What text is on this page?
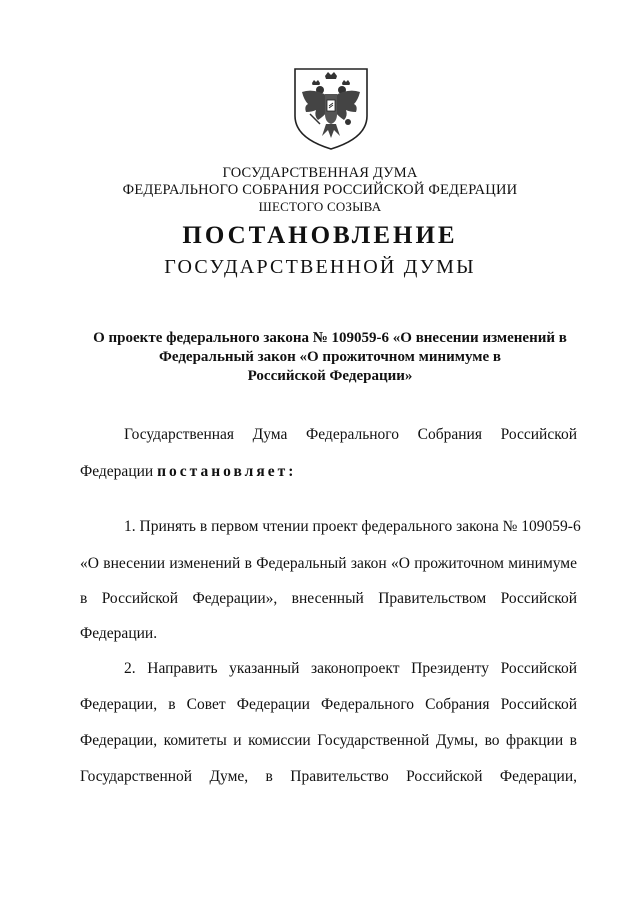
ГОСУДАРСТВЕННАЯ ДУМА
ФЕДЕРАЛЬНОГО СОБРАНИЯ РОССИЙСКОЙ ФЕДЕРАЦИИ
ШЕСТОГО СОЗЫВА
ПОСТАНОВЛЕНИЕ
ГОСУДАРСТВЕННОЙ ДУМЫ
О проекте федерального закона № 109059-6 «О внесении изменений в
Федеральный закон «О прожиточном минимуме в
Российской Федерации»
Государственная Дума Федерального Собрания Российской
Федерации постановляет:
1. Принять в первом чтении проект федерального закона № 109059-6
«О внесении изменений в Федеральный закон «О прожиточном минимуме
в Российской Федерации», внесенный Правительством Российской
Федерации.
2. Направить указанный законопроект Президенту Российской
Федерации, в Совет Федерации Федерального Собрания Российской
Федерации, комитеты и комиссии Государственной Думы, во фракции в
Государственной Думе, в Правительство Российской Федерации,
